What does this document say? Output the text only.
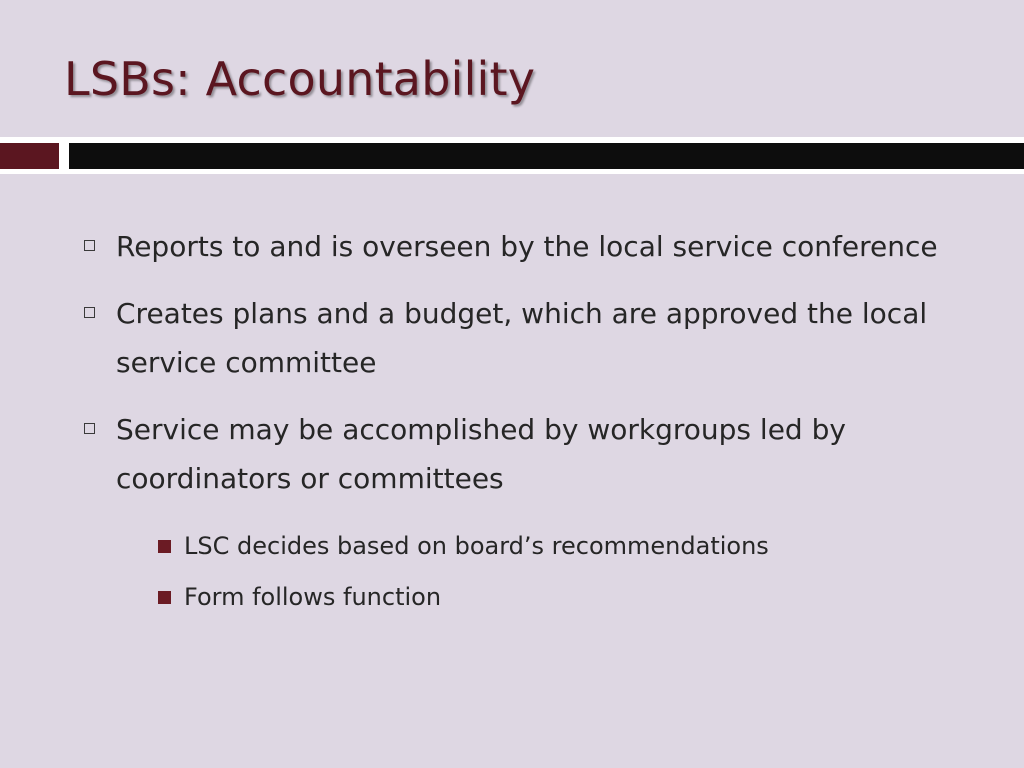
LSBs: Accountability
Reports to and is overseen by the local service conference
Creates plans and a budget, which are approved the local service committee
Service may be accomplished by workgroups led by coordinators or committees
LSC decides based on board’s recommendations
Form follows function
